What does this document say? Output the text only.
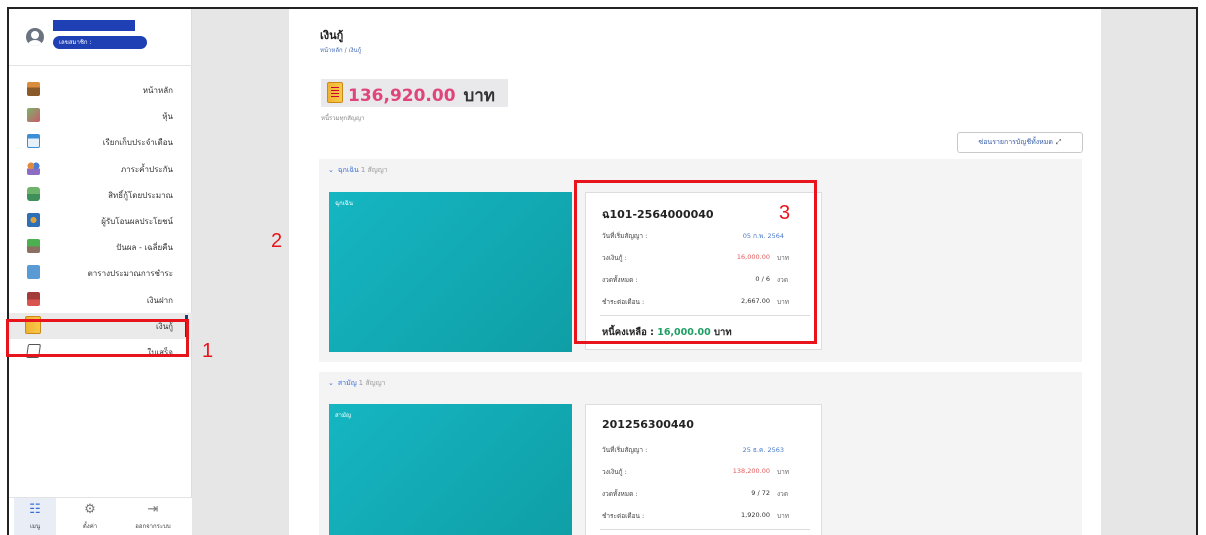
เลขสมาชิก :
หน้าหลัก
หุ้น
เรียกเก็บประจำเดือน
ภาระค้ำประกัน
สิทธิ์กู้โดยประมาณ
ผู้รับโอนผลประโยชน์
ปันผล - เฉลี่ยคืน
ตารางประมาณการชำระ
เงินฝาก
เงินกู้
ใบเสร็จ
☷
เมนู
⚙
ตั้งค่า
⇥
ออกจากระบบ
เงินกู้
หน้าหลัก / เงินกู้
136,920.00 บาท
หนี้รวมทุกสัญญา
ซ่อนรายการบัญชีทั้งหมด ⤢
⌄ ฉุกเฉิน 1 สัญญา
ฉุกเฉิน
ฉ101-2564000040
วันที่เริ่มสัญญา :	05 ก.พ. 2564
วงเงินกู้ :	16,000.00 บาท
งวดทั้งหมด :	0 / 6 งวด
ชำระต่อเดือน :	2,667.00 บาท
หนี้คงเหลือ : 16,000.00 บาท
⌄ สามัญ 1 สัญญา
สามัญ
201256300440
วันที่เริ่มสัญญา :	25 ธ.ค. 2563
วงเงินกู้ :	138,200.00 บาท
งวดทั้งหมด :	9 / 72 งวด
ชำระต่อเดือน :	1,920.00 บาท
1
2
3
